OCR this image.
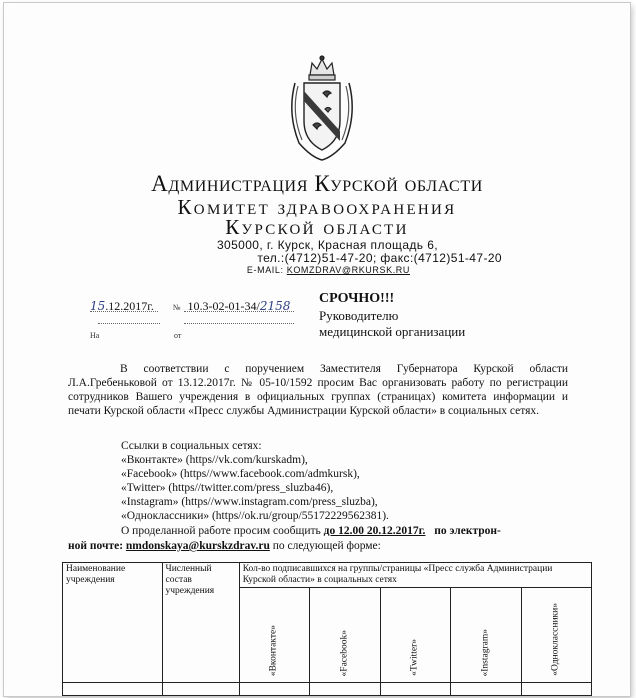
Администрация Курской области
Комитет здравоохранения
Курской области
305000, г. Курск, Красная площадь 6,
тел.:(4712)51-47-20; факс:(4712)51-47-20
E-MAIL: KOMZDRAV@RKURSK.RU
15.12.2017г. № 10.3-02-01-34/2158
На	от
СРОЧНО!!!
Руководителю
медицинской организации
В соответствии с поручением Заместителя Губернатора Курской области Л.А.Гребеньковой от 13.12.2017г. № 05-10/1592 просим Вас организовать работу по регистрации сотрудников Вашего учреждения в официальных группах (страницах) комитета информации и печати Курской области «Пресс службы Администрации Курской области» в социальных сетях.
Ссылки в социальных сетях:
«Вконтакте» (https//vk.com/kurskadm),
«Facebook» (https//www.facebook.com/admkursk),
«Twitter» (https//twitter.com/press_sluzba46),
«Instagram» (https//www.instagram.com/press_sluzba),
«Одноклассники» (https//ok.ru/group/55172229562381).
О проделанной работе просим сообщить до 12.00 20.12.2017г. по электрон-
ной почте: nmdonskaya@kurskzdrav.ru по следующей форме:
Наименование учреждения	Численный состав учреждения	Кол-во подписавшихся на группы/страницы «Пресс служба Администрации Курской области» в социальных сетях				

		«Вконтакте»	«Facebook»	«Twitter»	«Instagram»	«Одноклассники»
